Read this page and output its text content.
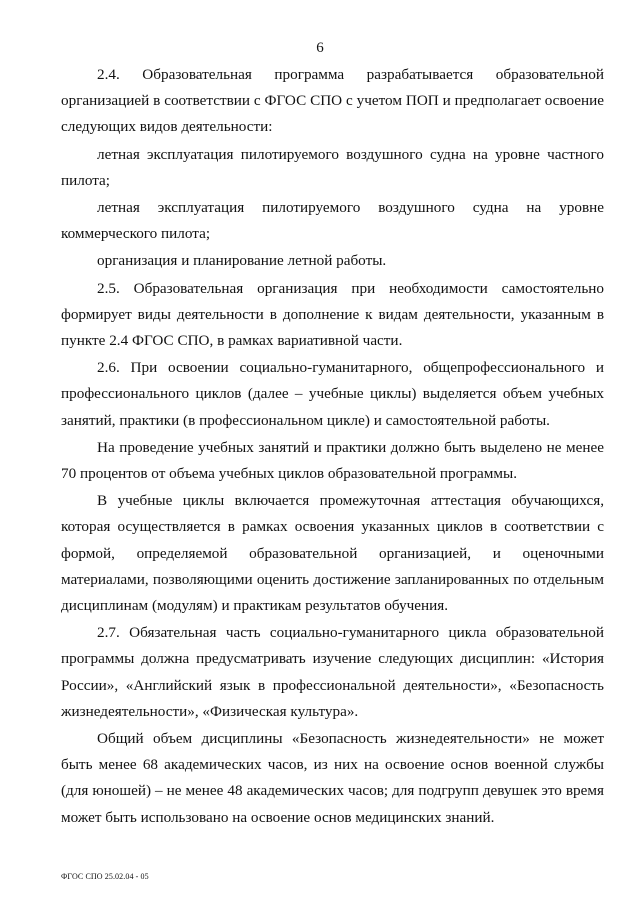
6

2.4. Образовательная программа разрабатывается образовательной организацией в соответствии с ФГОС СПО с учетом ПОП и предполагает освоение следующих видов деятельности:

летная эксплуатация пилотируемого воздушного судна на уровне частного пилота;

летная эксплуатация пилотируемого воздушного судна на уровне коммерческого пилота;

организация и планирование летной работы.

2.5. Образовательная организация при необходимости самостоятельно формирует виды деятельности в дополнение к видам деятельности, указанным в пункте 2.4 ФГОС СПО, в рамках вариативной части.

2.6. При освоении социально-гуманитарного, общепрофессионального и профессионального циклов (далее – учебные циклы) выделяется объем учебных занятий, практики (в профессиональном цикле) и самостоятельной работы.

На проведение учебных занятий и практики должно быть выделено не менее 70 процентов от объема учебных циклов образовательной программы.

В учебные циклы включается промежуточная аттестация обучающихся, которая осуществляется в рамках освоения указанных циклов в соответствии с формой, определяемой образовательной организацией, и оценочными материалами, позволяющими оценить достижение запланированных по отдельным дисциплинам (модулям) и практикам результатов обучения.

2.7. Обязательная часть социально-гуманитарного цикла образовательной программы должна предусматривать изучение следующих дисциплин: «История России», «Английский язык в профессиональной деятельности», «Безопасность жизнедеятельности», «Физическая культура».

Общий объем дисциплины «Безопасность жизнедеятельности» не может быть менее 68 академических часов, из них на освоение основ военной службы (для юношей) – не менее 48 академических часов; для подгрупп девушек это время может быть использовано на освоение основ медицинских знаний.

ФГОС СПО 25.02.04 - 05
